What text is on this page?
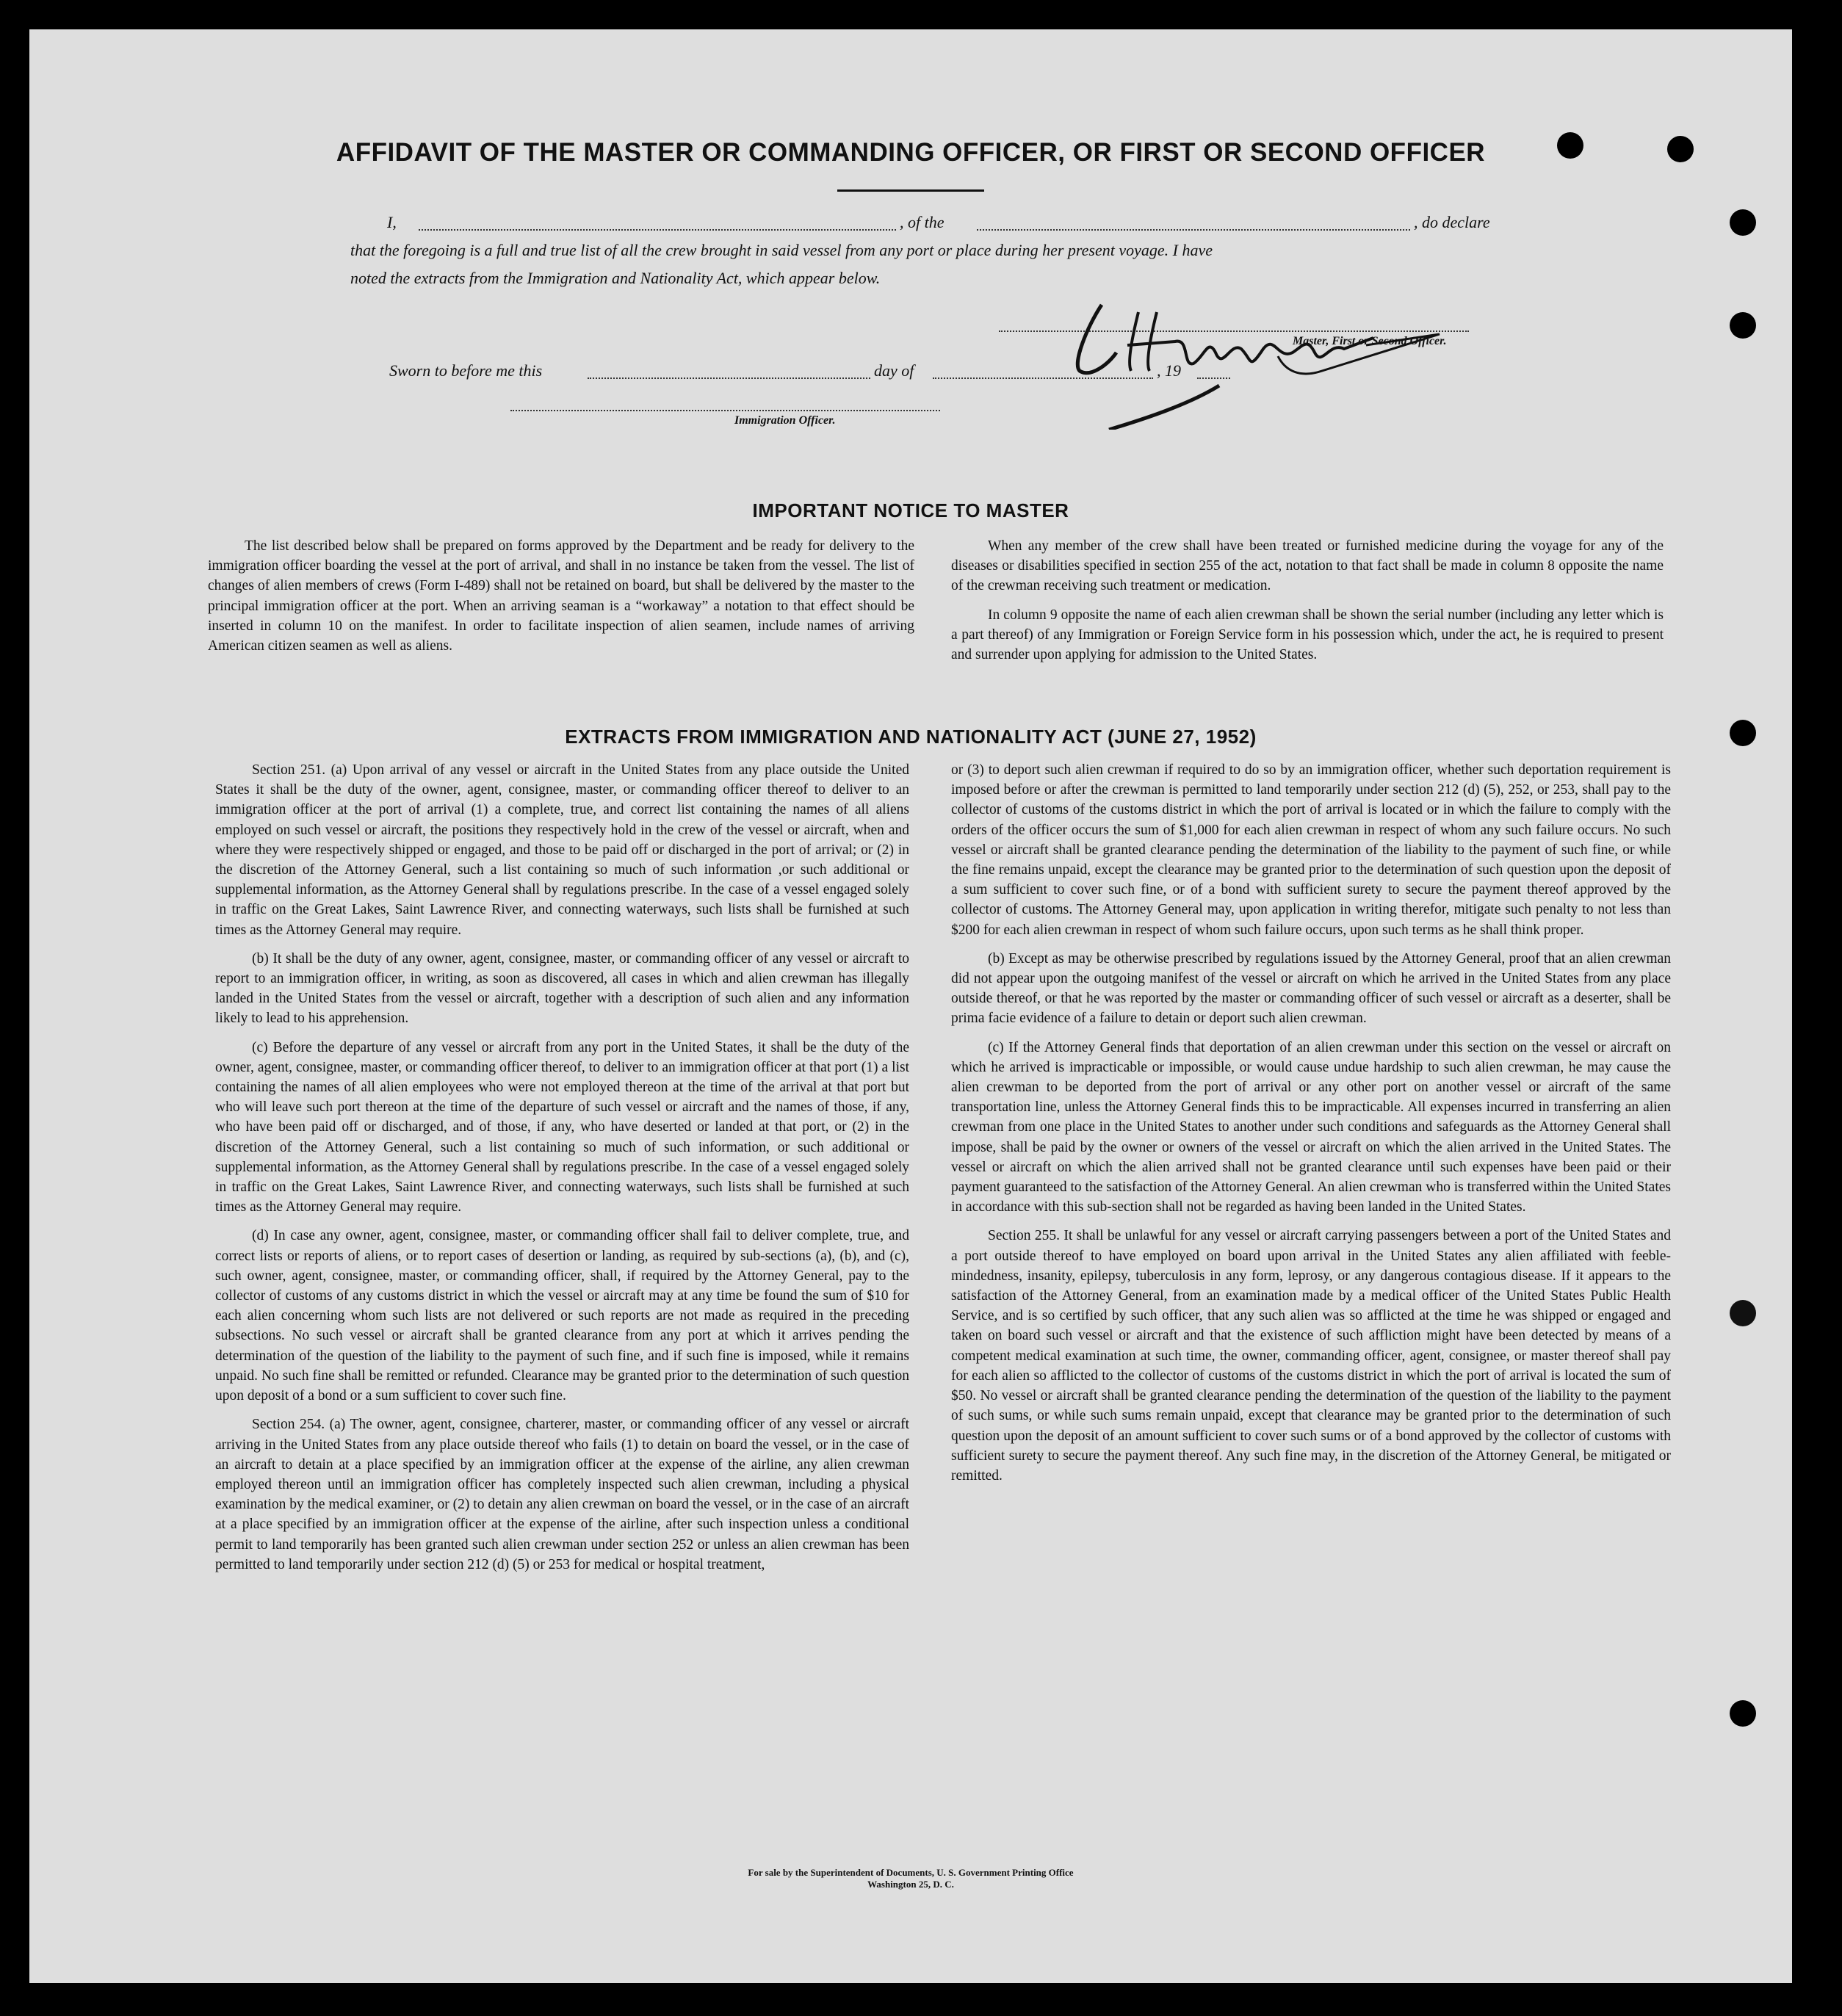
AFFIDAVIT OF THE MASTER OR COMMANDING OFFICER, OR FIRST OR SECOND OFFICER
I,	, of the	, do declare
that the foregoing is a full and true list of all the crew brought in said vessel from any port or place during her present voyage. I have
noted the extracts from the Immigration and Nationality Act, which appear below.
Master, First or Second Officer.
Sworn to before me this	day of	, 19
Immigration Officer.
IMPORTANT NOTICE TO MASTER

The list described below shall be prepared on forms approved by the Department and be ready for delivery to the immigration officer boarding the vessel at the port of arrival, and shall in no instance be taken from the vessel. The list of changes of alien members of crews (Form I-489) shall not be retained on board, but shall be delivered by the master to the principal immigration officer at the port. When an arriving seaman is a “workaway” a notation to that effect should be inserted in column 10 on the manifest. In order to facilitate inspection of alien seamen, include names of arriving American citizen seamen as well as aliens.

When any member of the crew shall have been treated or furnished medicine during the voyage for any of the diseases or disabilities specified in section 255 of the act, notation to that fact shall be made in column 8 opposite the name of the crewman receiving such treatment or medication.

In column 9 opposite the name of each alien crewman shall be shown the serial number (including any letter which is a part thereof) of any Immigration or Foreign Service form in his possession which, under the act, he is required to present and surrender upon applying for admission to the United States.

EXTRACTS FROM IMMIGRATION AND NATIONALITY ACT (JUNE 27, 1952)

Section 251. (a) Upon arrival of any vessel or aircraft in the United States from any place outside the United States it shall be the duty of the owner, agent, consignee, master, or commanding officer thereof to deliver to an immigration officer at the port of arrival (1) a complete, true, and correct list containing the names of all aliens employed on such vessel or aircraft, the positions they respectively hold in the crew of the vessel or aircraft, when and where they were respectively shipped or engaged, and those to be paid off or discharged in the port of arrival; or (2) in the discretion of the Attorney General, such a list containing so much of such information ,or such additional or supplemental information, as the Attorney General shall by regulations prescribe. In the case of a vessel engaged solely in traffic on the Great Lakes, Saint Lawrence River, and connecting waterways, such lists shall be furnished at such times as the Attorney General may require.

(b) It shall be the duty of any owner, agent, consignee, master, or commanding officer of any vessel or aircraft to report to an immigration officer, in writing, as soon as discovered, all cases in which and alien crewman has illegally landed in the United States from the vessel or aircraft, together with a description of such alien and any information likely to lead to his apprehension.

(c) Before the departure of any vessel or aircraft from any port in the United States, it shall be the duty of the owner, agent, consignee, master, or commanding officer thereof, to deliver to an immigration officer at that port (1) a list containing the names of all alien employees who were not employed thereon at the time of the arrival at that port but who will leave such port thereon at the time of the departure of such vessel or aircraft and the names of those, if any, who have been paid off or discharged, and of those, if any, who have deserted or landed at that port, or (2) in the discretion of the Attorney General, such a list containing so much of such information, or such additional or supplemental information, as the Attorney General shall by regulations prescribe. In the case of a vessel engaged solely in traffic on the Great Lakes, Saint Lawrence River, and connecting waterways, such lists shall be furnished at such times as the Attorney General may require.

(d) In case any owner, agent, consignee, master, or commanding officer shall fail to deliver complete, true, and correct lists or reports of aliens, or to report cases of desertion or landing, as required by sub-sections (a), (b), and (c), such owner, agent, consignee, master, or commanding officer, shall, if required by the Attorney General, pay to the collector of customs of any customs district in which the vessel or aircraft may at any time be found the sum of $10 for each alien concerning whom such lists are not delivered or such reports are not made as required in the preceding subsections. No such vessel or aircraft shall be granted clearance from any port at which it arrives pending the determination of the question of the liability to the payment of such fine, and if such fine is imposed, while it remains unpaid. No such fine shall be remitted or refunded. Clearance may be granted prior to the determination of such question upon deposit of a bond or a sum sufficient to cover such fine.

Section 254. (a) The owner, agent, consignee, charterer, master, or commanding officer of any vessel or aircraft arriving in the United States from any place outside thereof who fails (1) to detain on board the vessel, or in the case of an aircraft to detain at a place specified by an immigration officer at the expense of the airline, any alien crewman employed thereon until an immigration officer has completely inspected such alien crewman, including a physical examination by the medical examiner, or (2) to detain any alien crewman on board the vessel, or in the case of an aircraft at a place specified by an immigration officer at the expense of the airline, after such inspection unless a conditional permit to land temporarily has been granted such alien crewman under section 252 or unless an alien crewman has been permitted to land temporarily under section 212 (d) (5) or 253 for medical or hospital treatment,

or (3) to deport such alien crewman if required to do so by an immigration officer, whether such deportation requirement is imposed before or after the crewman is permitted to land temporarily under section 212 (d) (5), 252, or 253, shall pay to the collector of customs of the customs district in which the port of arrival is located or in which the failure to comply with the orders of the officer occurs the sum of $1,000 for each alien crewman in respect of whom any such failure occurs. No such vessel or aircraft shall be granted clearance pending the determination of the liability to the payment of such fine, or while the fine remains unpaid, except the clearance may be granted prior to the determination of such question upon the deposit of a sum sufficient to cover such fine, or of a bond with sufficient surety to secure the payment thereof approved by the collector of customs. The Attorney General may, upon application in writing therefor, mitigate such penalty to not less than $200 for each alien crewman in respect of whom such failure occurs, upon such terms as he shall think proper.

(b) Except as may be otherwise prescribed by regulations issued by the Attorney General, proof that an alien crewman did not appear upon the outgoing manifest of the vessel or aircraft on which he arrived in the United States from any place outside thereof, or that he was reported by the master or commanding officer of such vessel or aircraft as a deserter, shall be prima facie evidence of a failure to detain or deport such alien crewman.

(c) If the Attorney General finds that deportation of an alien crewman under this section on the vessel or aircraft on which he arrived is impracticable or impossible, or would cause undue hardship to such alien crewman, he may cause the alien crewman to be deported from the port of arrival or any other port on another vessel or aircraft of the same transportation line, unless the Attorney General finds this to be impracticable. All expenses incurred in transferring an alien crewman from one place in the United States to another under such conditions and safeguards as the Attorney General shall impose, shall be paid by the owner or owners of the vessel or aircraft on which the alien arrived in the United States. The vessel or aircraft on which the alien arrived shall not be granted clearance until such expenses have been paid or their payment guaranteed to the satisfaction of the Attorney General. An alien crewman who is transferred within the United States in accordance with this sub-section shall not be regarded as having been landed in the United States.

Section 255. It shall be unlawful for any vessel or aircraft carrying passengers between a port of the United States and a port outside thereof to have employed on board upon arrival in the United States any alien affiliated with feeble-mindedness, insanity, epilepsy, tuberculosis in any form, leprosy, or any dangerous contagious disease. If it appears to the satisfaction of the Attorney General, from an examination made by a medical officer of the United States Public Health Service, and is so certified by such officer, that any such alien was so afflicted at the time he was shipped or engaged and taken on board such vessel or aircraft and that the existence of such affliction might have been detected by means of a competent medical examination at such time, the owner, commanding officer, agent, consignee, or master thereof shall pay for each alien so afflicted to the collector of customs of the customs district in which the port of arrival is located the sum of $50. No vessel or aircraft shall be granted clearance pending the determination of the question of the liability to the payment of such sums, or while such sums remain unpaid, except that clearance may be granted prior to the determination of such question upon the deposit of an amount sufficient to cover such sums or of a bond approved by the collector of customs with sufficient surety to secure the payment thereof. Any such fine may, in the discretion of the Attorney General, be mitigated or remitted.

For sale by the Superintendent of Documents, U. S. Government Printing Office
Washington 25, D. C.
